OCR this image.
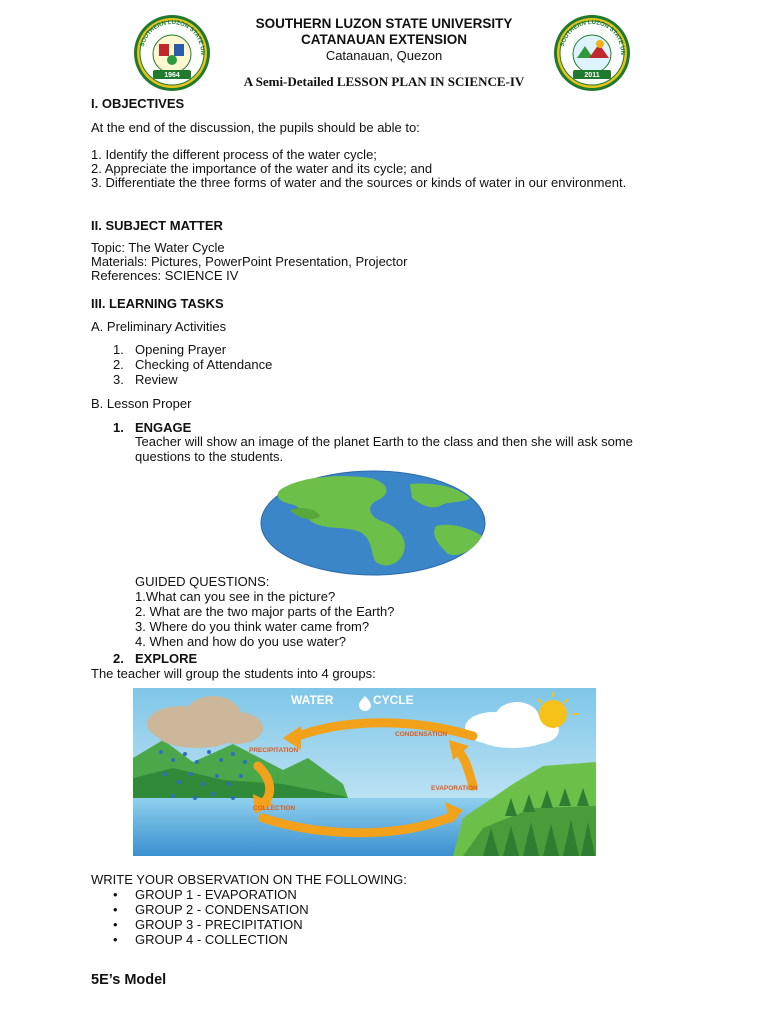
SOUTHERN LUZON STATE UN
1964
SOUTHERN LUZON STATE UN
2011
SOUTHERN LUZON STATE UNIVERSITY
CATANAUAN EXTENSION
Catanauan, Quezon
A Semi-Detailed LESSON PLAN IN SCIENCE-IV
I. OBJECTIVES
At the end of the discussion, the pupils should be able to:
1. Identify the different process of the water cycle;
2. Appreciate the importance of the water and its cycle; and
3. Differentiate the three forms of water and the sources or kinds of water in our environment.
II. SUBJECT MATTER
Topic: The Water Cycle
Materials: Pictures, PowerPoint Presentation, Projector
References: SCIENCE IV
III. LEARNING TASKS
A. Preliminary Activities
1. Opening Prayer
2. Checking of Attendance
3. Review
B. Lesson Proper
1. ENGAGE
Teacher will show an image of the planet Earth to the class and then she will ask some questions to the students.
GUIDED QUESTIONS:
1.What can you see in the picture?
2. What are the two major parts of the Earth?
3. Where do you think water came from?
4. When and how do you use water?
2. EXPLORE
The teacher will group the students into 4 groups:
WATER	CYCLE
CONDENSATION
PRECIPITATION
EVAPORATION
COLLECTION
WRITE YOUR OBSERVATION ON THE FOLLOWING:
• GROUP 1 - EVAPORATION
• GROUP 2 - CONDENSATION
• GROUP 3 - PRECIPITATION
• GROUP 4 - COLLECTION
5E’s Model
